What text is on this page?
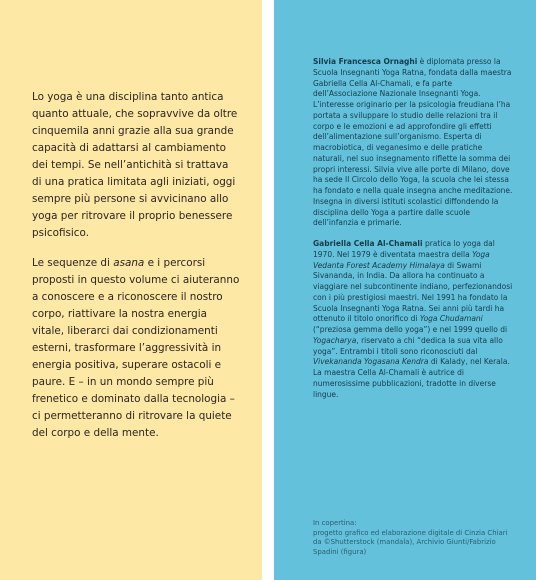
Lo yoga è una disciplina tanto antica quanto attuale, che sopravvive da oltre cinquemila anni grazie alla sua grande capacità di adattarsi al cambiamento dei tempi. Se nell’antichità si trattava di una pratica limitata agli iniziati, oggi sempre più persone si avvicinano allo yoga per ritrovare il proprio benessere psicofisico.

Le sequenze di asana e i percorsi proposti in questo volume ci aiuteranno a conoscere e a riconoscere il nostro corpo, riattivare la nostra energia vitale, liberarci dai condizionamenti esterni, trasformare l’aggressività in energia positiva, superare ostacoli e paure. E – in un mondo sempre più frenetico e dominato dalla tecnologia – ci permetteranno di ritrovare la quiete del corpo e della mente.

Silvia Francesca Ornaghi è diplomata presso la Scuola Insegnanti Yoga Ratna, fondata dalla maestra Gabriella Cella Al-Chamali, e fa parte dell’Associazione Nazionale Insegnanti Yoga. L’interesse originario per la psicologia freudiana l’ha portata a sviluppare lo studio delle relazioni tra il corpo e le emozioni e ad approfondire gli effetti dell’alimentazione sull’organismo. Esperta di macrobiotica, di veganesimo e delle pratiche naturali, nel suo insegnamento riflette la somma dei propri interessi. Silvia vive alle porte di Milano, dove ha sede Il Circolo dello Yoga, la scuola che lei stessa ha fondato e nella quale insegna anche meditazione. Insegna in diversi istituti scolastici diffondendo la disciplina dello Yoga a partire dalle scuole dell’infanzia e primarie.

Gabriella Cella Al-Chamali pratica lo yoga dal 1970. Nel 1979 è diventata maestra della Yoga Vedanta Forest Academy Himalaya di Swami Sivananda, in India. Da allora ha continuato a viaggiare nel subcontinente indiano, perfezionandosi con i più prestigiosi maestri. Nel 1991 ha fondato la Scuola Insegnanti Yoga Ratna. Sei anni più tardi ha ottenuto il titolo onorifico di Yoga Chudamani (“preziosa gemma dello yoga”) e nel 1999 quello di Yogacharya, riservato a chi “dedica la sua vita allo yoga”. Entrambi i titoli sono riconosciuti dal Vivekananda Yogasana Kendra di Kalady, nel Kerala. La maestra Cella Al-Chamali è autrice di numerosissime pubblicazioni, tradotte in diverse lingue.

In copertina:

progetto grafico ed elaborazione digitale di Cinzia Chiari da ©Shutterstock (mandala), Archivio Giunti/Fabrizio Spadini (figura)
